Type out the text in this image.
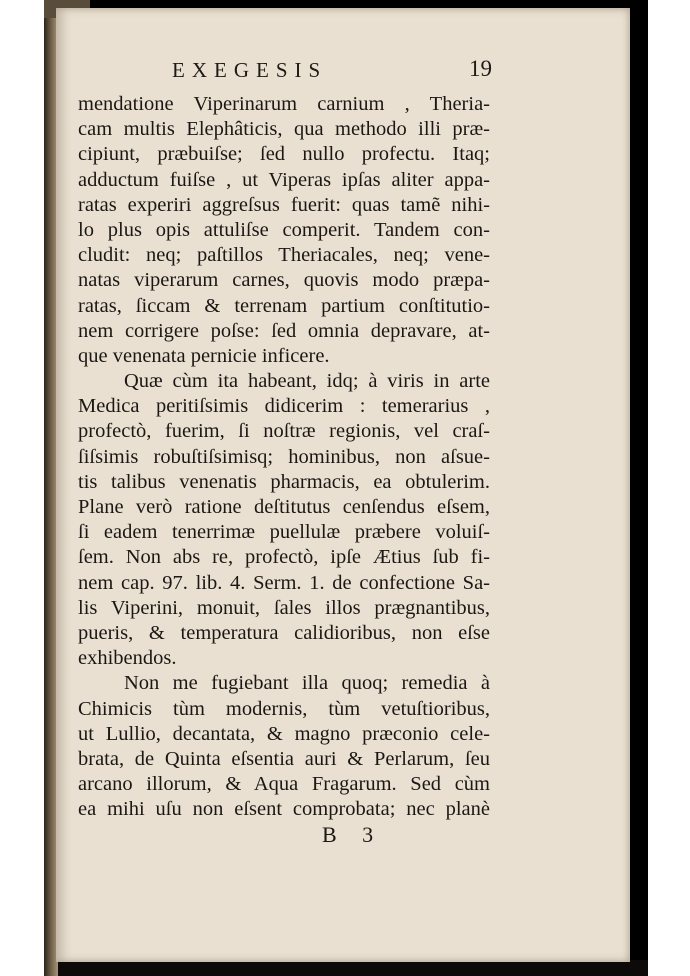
EXEGESIS	19
mendatione Viperinarum carnium , Theria-
cam multis Elephâticis, qua methodo illi præ-
cipiunt, præbuiſse; ſed nullo profectu. Itaq;
adductum fuiſse , ut Viperas ipſas aliter appa-
ratas experiri aggreſsus fuerit: quas tamẽ nihi-
lo plus opis attuliſse comperit. Tandem con-
cludit: neq; paſtillos Theriacales, neq; vene-
natas viperarum carnes, quovis modo præpa-
ratas, ſiccam & terrenam partium conſtitutio-
nem corrigere poſse: ſed omnia depravare, at-
que venenata pernicie inficere.
Quæ cùm ita habeant, idq; à viris in arte
Medica peritiſsimis didicerim : temerarius ,
profectò, fuerim, ſi noſtræ regionis, vel craſ-
ſiſsimis robuſtiſsimisq; hominibus, non aſsue-
tis talibus venenatis pharmacis, ea obtulerim.
Plane verò ratione deſtitutus cenſendus eſsem,
ſi eadem tenerrimæ puellulæ præbere voluiſ-
ſem. Non abs re, profectò, ipſe Ætius ſub fi-
nem cap. 97. lib. 4. Serm. 1. de confectione Sa-
lis Viperini, monuit, ſales illos prægnantibus,
pueris, & temperatura calidioribus, non eſse
exhibendos.
Non me fugiebant illa quoq; remedia à
Chimicis tùm modernis, tùm vetuſtioribus,
ut Lullio, decantata, & magno præconio cele-
brata, de Quinta eſsentia auri & Perlarum, ſeu
arcano illorum, & Aqua Fragarum. Sed cùm
ea mihi uſu non eſsent comprobata; nec planè
B 3
